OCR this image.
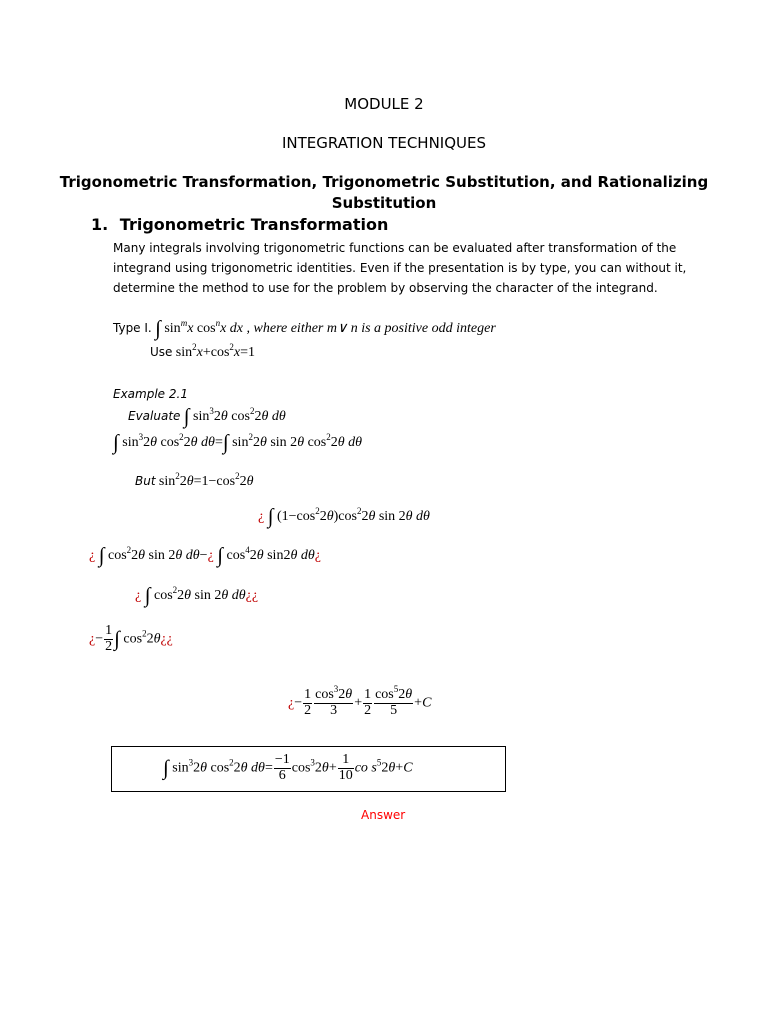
MODULE 2
INTEGRATION TECHNIQUES
Trigonometric Transformation, Trigonometric Substitution, and Rationalizing
Substitution
1. Trigonometric Transformation
Many integrals involving trigonometric functions can be evaluated after transformation of the
integrand using trigonometric identities. Even if the presentation is by type, you can without it,
determine the method to use for the problem by observing the character of the integrand.
Type I. ∫ $\sin^mx$ $\cos^nx$ dx , where either m∨ n is a positive odd integer
Use $\sin^2x+\cos^2x=1$
Example 2.1
Evaluate ∫ $\sin^32\theta$ $\cos^22\theta$ dθ
∫ $\sin^32\theta$ $\cos^22\theta$ dθ=∫ $\sin^22\theta$ sin 2θ $\cos^22\theta$ dθ
But $\sin^22\theta=1-\cos^22\theta$
¿ ∫ $(1-\cos^22\theta)\cos^22\theta$ sin 2θ dθ
¿ ∫ $\cos^22\theta$ sin 2θ dθ−¿ ∫ $\cos^42\theta$ sin2θ dθ¿
¿ ∫ $\cos^22\theta$ sin 2θ dθ¿¿
¿− $\frac{1}{2}$ ∫ $\cos^22\theta¿¿$
¿− $\frac{1}{2} \frac{\cos^32\theta}{3} + \frac{1}{2} \frac{\cos^52\theta}{5} +C$
∫ $\sin^32\theta$ $\cos^22\theta$ $d\theta= \frac{-1}{6} \cos^32\theta+ \frac{1}{10}$ co $s^52\theta+C$
Answer
